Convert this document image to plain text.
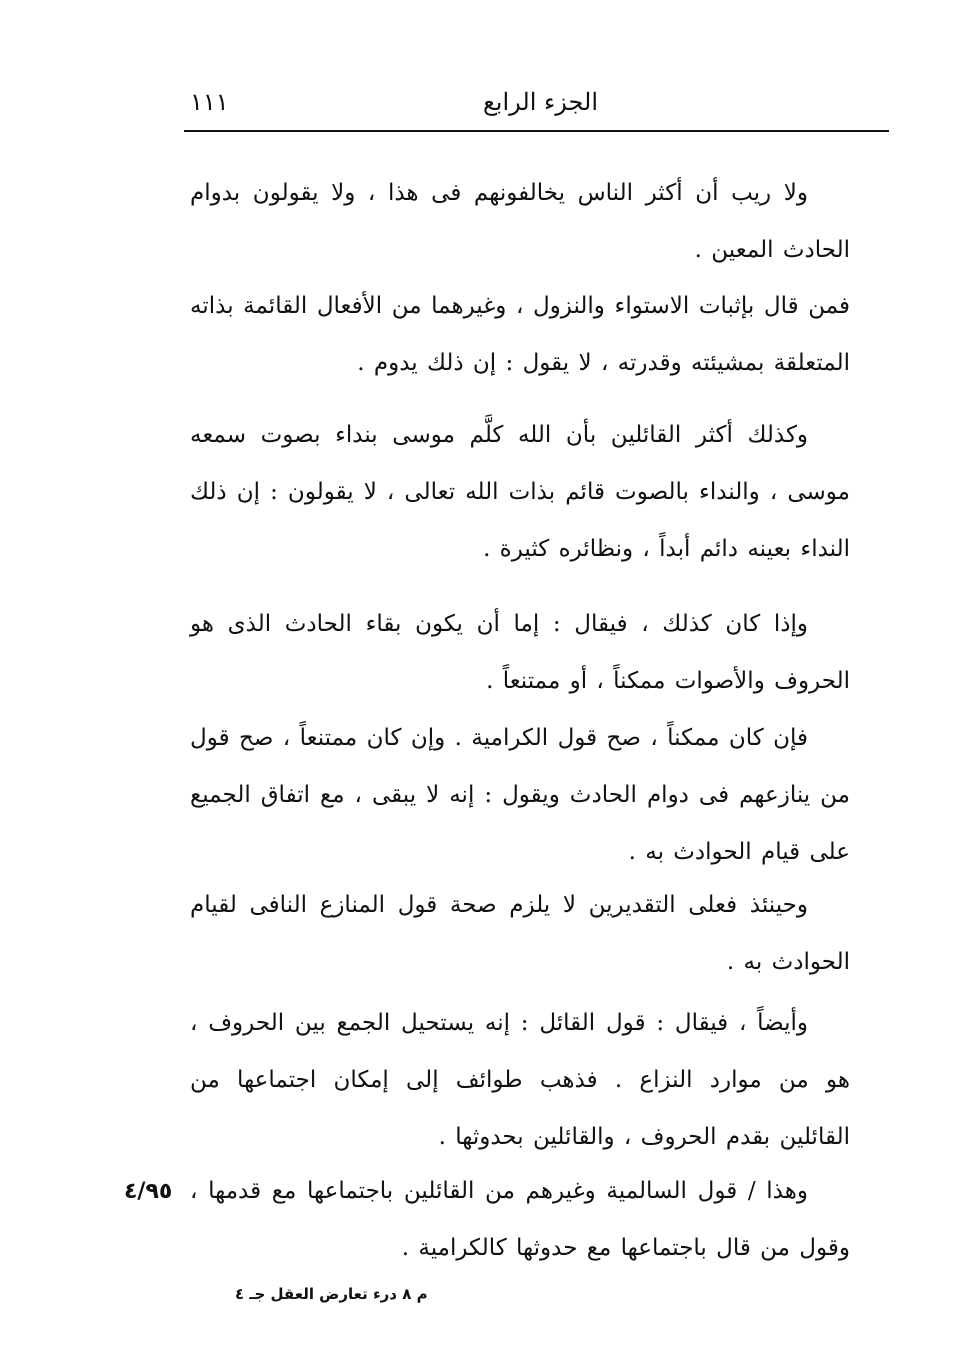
الجزء الرابع
١١١

ولا ريب أن أكثر الناس يخالفونهم فى هذا ، ولا يقولون بدوام الحادث المعين .

فمن قال بإثبات الاستواء والنزول ، وغيرهما من الأفعال القائمة بذاته المتعلقة بمشيئته وقدرته ، لا يقول : إن ذلك يدوم .

وكذلك أكثر القائلين بأن الله كلَّم موسى بنداء بصوت سمعه موسى ، والنداء بالصوت قائم بذات الله تعالى ، لا يقولون : إن ذلك النداء بعينه دائم أبداً ، ونظائره كثيرة .

وإذا كان كذلك ، فيقال : إما أن يكون بقاء الحادث الذى هو الحروف والأصوات ممكناً ، أو ممتنعاً .

فإن كان ممكناً ، صح قول الكرامية . وإن كان ممتنعاً ، صح قول من ينازعهم فى دوام الحادث ويقول : إنه لا يبقى ، مع اتفاق الجميع على قيام الحوادث به .

وحينئذ فعلى التقديرين لا يلزم صحة قول المنازع النافى لقيام الحوادث به .

وأيضاً ، فيقال : قول القائل : إنه يستحيل الجمع بين الحروف ، هو من موارد النزاع . فذهب طوائف إلى إمكان اجتماعها من القائلين بقدم الحروف ، والقائلين بحدوثها .

وهذا / قول السالمية وغيرهم من القائلين باجتماعها مع قدمها ، وقول من قال باجتماعها مع حدوثها كالكرامية .

٤/٩٥
م ٨ درء تعارض العقل جـ ٤
